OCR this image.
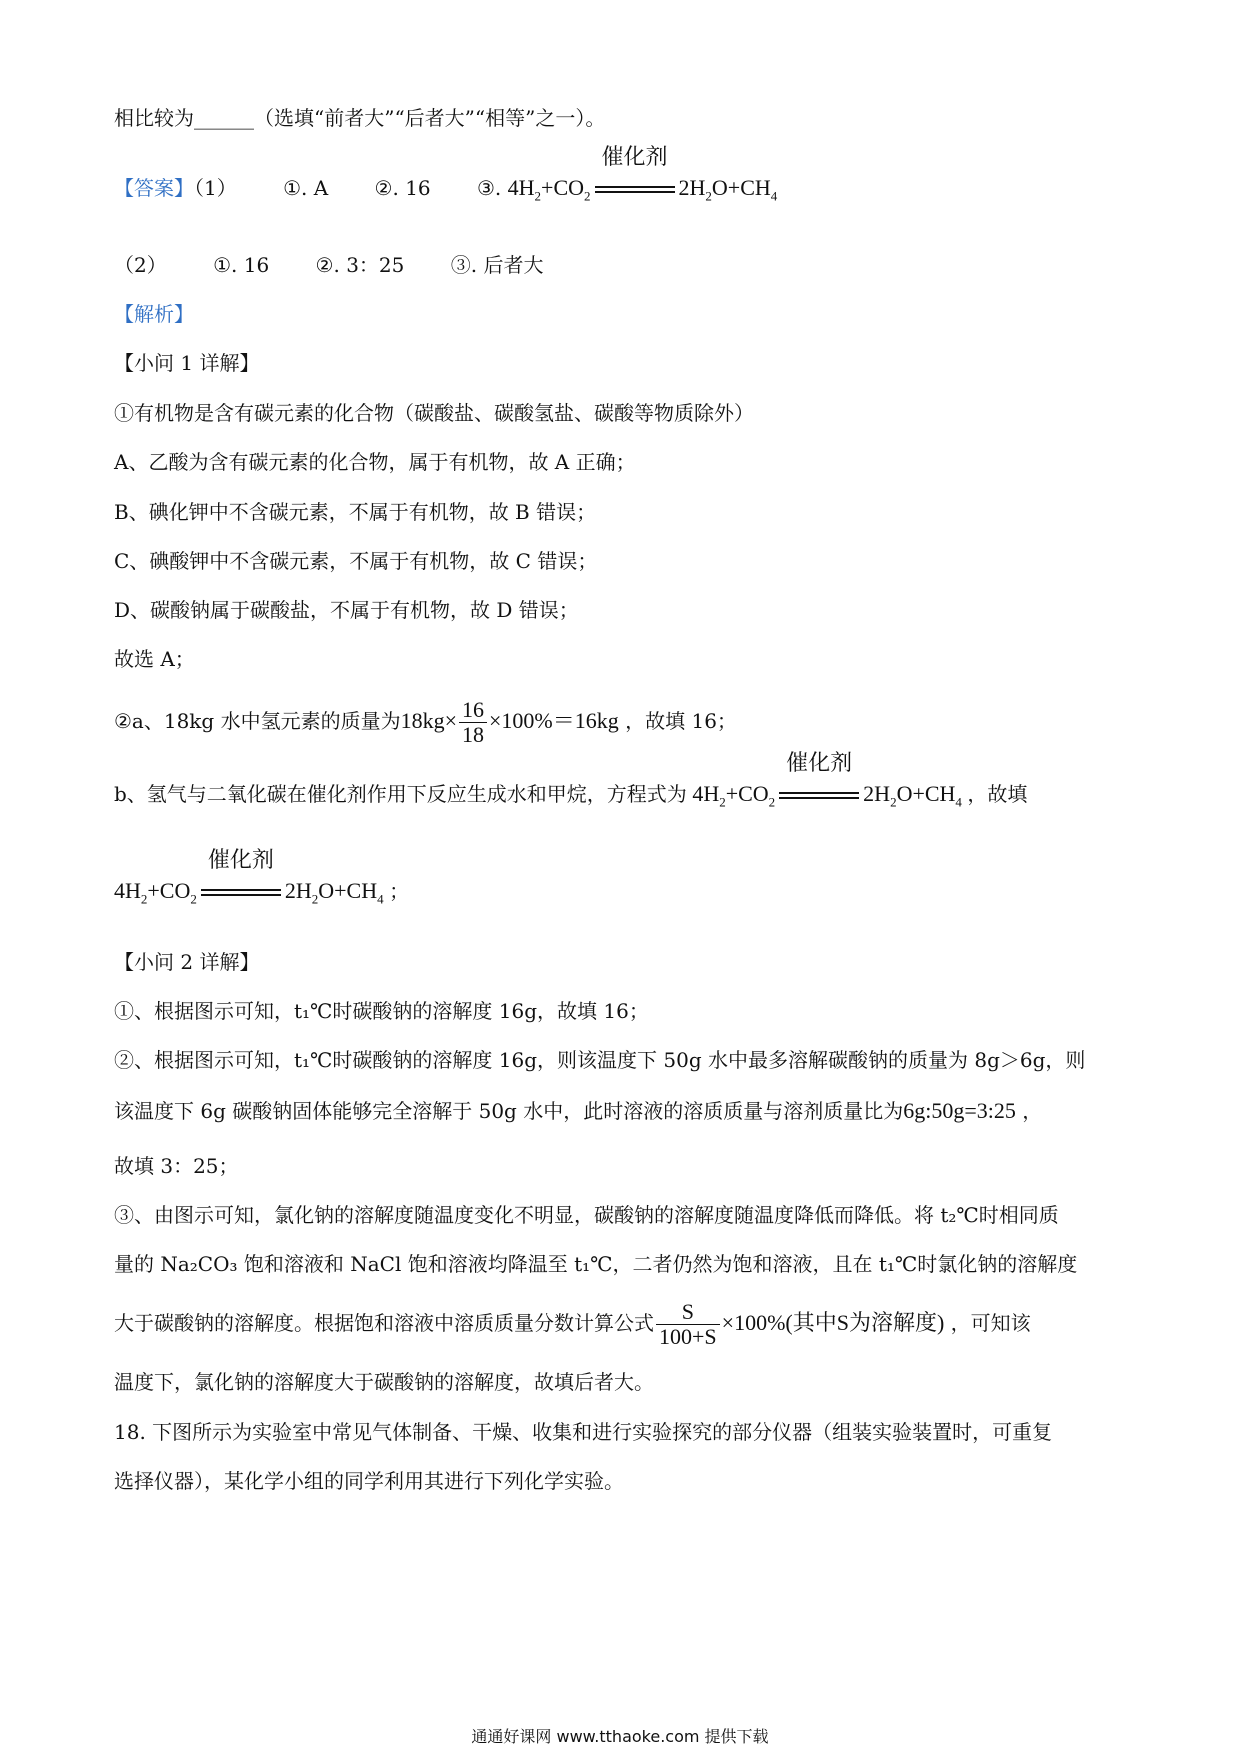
相比较为______（选填“前者大”“后者大”“相等”之一）。
【答案】（1） ①. A ②. 16 ③. $4H_2+CO_2$
催化剂
$2H_2O+CH_4$
（2） ①. 16 ②. 3：25 ③. 后者大
【解析】
【小问 1 详解】
①有机物是含有碳元素的化合物（碳酸盐、碳酸氢盐、碳酸等物质除外）
A、乙酸为含有碳元素的化合物，属于有机物，故 A 正确；
B、碘化钾中不含碳元素，不属于有机物，故 B 错误；
C、碘酸钾中不含碳元素，不属于有机物，故 C 错误；
D、碳酸钠属于碳酸盐，不属于有机物，故 D 错误；
故选 A；
②a、18kg 水中氢元素的质量为$18kg\times \frac{16}{18} \times 100\%=16kg$ ，故填 16；
b、氢气与二氧化碳在催化剂作用下反应生成水和甲烷，方程式为 $4H_2+CO_2$
催化剂
$2H_2O+CH_4$ ，故填
$4H_2+CO_2$
催化剂
$2H_2O+CH_4$ ；
【小问 2 详解】
①、根据图示可知，t₁℃时碳酸钠的溶解度 16g，故填 16；
②、根据图示可知，t₁℃时碳酸钠的溶解度 16g，则该温度下 50g 水中最多溶解碳酸钠的质量为 8g＞6g，则
该温度下 6g 碳酸钠固体能够完全溶解于 50g 水中，此时溶液的溶质质量与溶剂质量比为6g:50g=3:25 ，
故填 3：25；
③、由图示可知，氯化钠的溶解度随温度变化不明显，碳酸钠的溶解度随温度降低而降低。将 t₂℃时相同质
量的 Na₂CO₃ 饱和溶液和 NaCl 饱和溶液均降温至 t₁℃，二者仍然为饱和溶液，且在 t₁℃时氯化钠的溶解度
大于碳酸钠的溶解度。根据饱和溶液中溶质质量分数计算公式 $\frac{S}{100+S} \times 100\%$(其中S为溶解度) ，可知该
温度下，氯化钠的溶解度大于碳酸钠的溶解度，故填后者大。
18. 下图所示为实验室中常见气体制备、干燥、收集和进行实验探究的部分仪器（组装实验装置时，可重复
选择仪器），某化学小组的同学利用其进行下列化学实验。
通通好课网 www.tthaoke.com 提供下载
